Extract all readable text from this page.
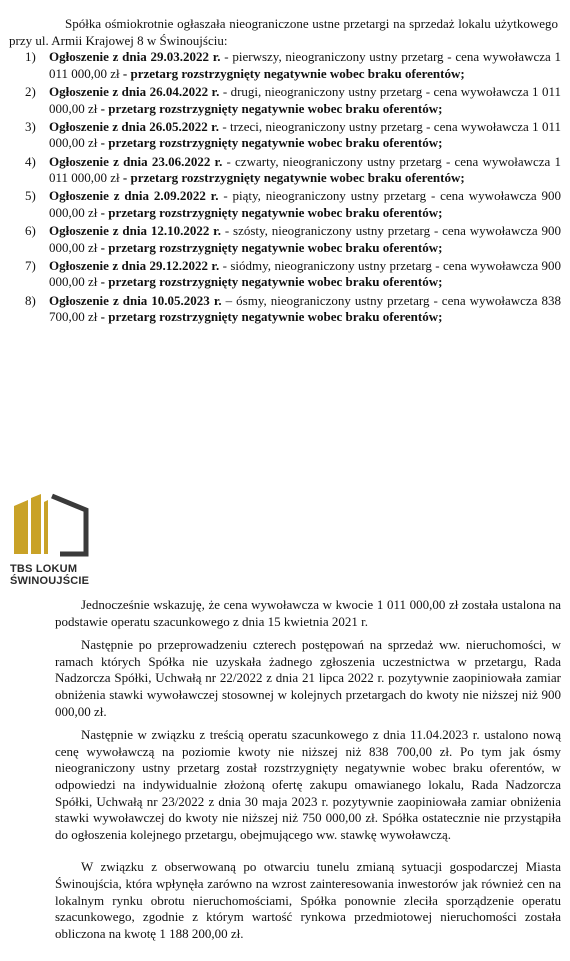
Spółka ośmiokrotnie ogłaszała nieograniczone ustne przetargi na sprzedaż lokalu użytkowego przy ul. Armii Krajowej 8 w Świnoujściu:

1) Ogłoszenie z dnia 29.03.2022 r. - pierwszy, nieograniczony ustny przetarg - cena wywoławcza 1 011 000,00 zł - przetarg rozstrzygnięty negatywnie wobec braku oferentów;
2) Ogłoszenie z dnia 26.04.2022 r. - drugi, nieograniczony ustny przetarg - cena wywoławcza 1 011 000,00 zł - przetarg rozstrzygnięty negatywnie wobec braku oferentów;
3) Ogłoszenie z dnia 26.05.2022 r. - trzeci, nieograniczony ustny przetarg - cena wywoławcza 1 011 000,00 zł - przetarg rozstrzygnięty negatywnie wobec braku oferentów;
4) Ogłoszenie z dnia 23.06.2022 r. - czwarty, nieograniczony ustny przetarg - cena wywoławcza 1 011 000,00 zł - przetarg rozstrzygnięty negatywnie wobec braku oferentów;
5) Ogłoszenie z dnia 2.09.2022 r. - piąty, nieograniczony ustny przetarg - cena wywoławcza 900 000,00 zł - przetarg rozstrzygnięty negatywnie wobec braku oferentów;
6) Ogłoszenie z dnia 12.10.2022 r. - szósty, nieograniczony ustny przetarg - cena wywoławcza 900 000,00 zł - przetarg rozstrzygnięty negatywnie wobec braku oferentów;
7) Ogłoszenie z dnia 29.12.2022 r. - siódmy, nieograniczony ustny przetarg - cena wywoławcza 900 000,00 zł - przetarg rozstrzygnięty negatywnie wobec braku oferentów;
8) Ogłoszenie z dnia 10.05.2023 r. – ósmy, nieograniczony ustny przetarg - cena wywoławcza 838 700,00 zł - przetarg rozstrzygnięty negatywnie wobec braku oferentów;
TBS LOKUM
ŚWINOUJŚCIE

Jednocześnie wskazuję, że cena wywoławcza w kwocie 1 011 000,00 zł została ustalona na podstawie operatu szacunkowego z dnia 15 kwietnia 2021 r.

Następnie po przeprowadzeniu czterech postępowań na sprzedaż ww. nieruchomości, w ramach których Spółka nie uzyskała żadnego zgłoszenia uczestnictwa w przetargu, Rada Nadzorcza Spółki, Uchwałą nr 22/2022 z dnia 21 lipca 2022 r. pozytywnie zaopiniowała zamiar obniżenia stawki wywoławczej stosownej w kolejnych przetargach do kwoty nie niższej niż 900 000,00 zł.

Następnie w związku z treścią operatu szacunkowego z dnia 11.04.2023 r. ustalono nową cenę wywoławczą na poziomie kwoty nie niższej niż 838 700,00 zł. Po tym jak ósmy nieograniczony ustny przetarg został rozstrzygnięty negatywnie wobec braku oferentów, w odpowiedzi na indywidualnie złożoną ofertę zakupu omawianego lokalu, Rada Nadzorcza Spółki, Uchwałą nr 23/2022 z dnia 30 maja 2023 r. pozytywnie zaopiniowała zamiar obniżenia stawki wywoławczej do kwoty nie niższej niż 750 000,00 zł. Spółka ostatecznie nie przystąpiła do ogłoszenia kolejnego przetargu, obejmującego ww. stawkę wywoławczą.

W związku z obserwowaną po otwarciu tunelu zmianą sytuacji gospodarczej Miasta Świnoujścia, która wpłynęła zarówno na wzrost zainteresowania inwestorów jak również cen na lokalnym rynku obrotu nieruchomościami, Spółka ponownie zleciła sporządzenie operatu szacunkowego, zgodnie z którym wartość rynkowa przedmiotowej nieruchomości została obliczona na kwotę 1 188 200,00 zł.
